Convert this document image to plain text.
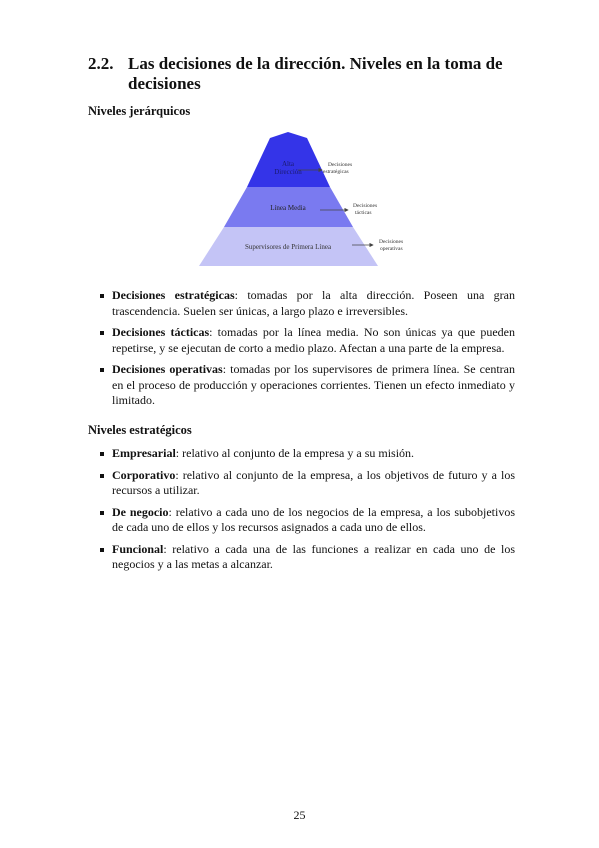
2.2. Las decisiones de la dirección. Niveles en la toma de decisiones
Niveles jerárquicos
Alta
Dirección
Línea Media
Supervisores de Primera Línea
Decisiones
estratégicas
Decisiones
tácticas
Decisiones
operativas
Decisiones estratégicas: tomadas por la alta dirección. Poseen una gran trascendencia. Suelen ser únicas, a largo plazo e irreversibles.
Decisiones tácticas: tomadas por la línea media. No son únicas ya que pueden repetirse, y se ejecutan de corto a medio plazo. Afectan a una parte de la empresa.
Decisiones operativas: tomadas por los supervisores de primera línea. Se centran en el proceso de producción y operaciones corrientes. Tienen un efecto inmediato y limitado.
Niveles estratégicos
Empresarial: relativo al conjunto de la empresa y a su misión.
Corporativo: relativo al conjunto de la empresa, a los objetivos de futuro y a los recursos a utilizar.
De negocio: relativo a cada uno de los negocios de la empresa, a los subobjetivos de cada uno de ellos y los recursos asignados a cada uno de ellos.
Funcional: relativo a cada una de las funciones a realizar en cada uno de los negocios y a las metas a alcanzar.
25
